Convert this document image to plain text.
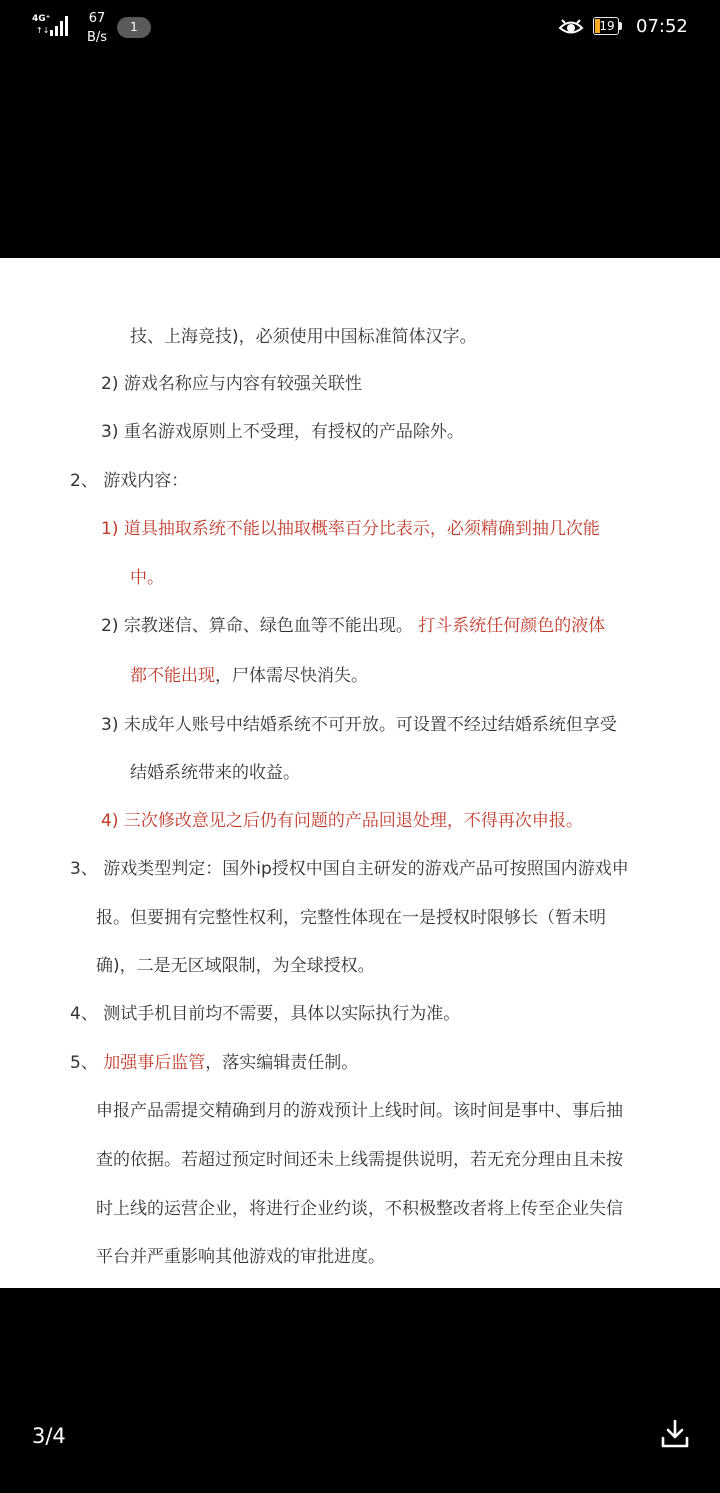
4G⁺
↑↓
67
B/s
1	19 07:52
技、上海竞技)，必须使用中国标准简体汉字。
2) 游戏名称应与内容有较强关联性
3) 重名游戏原则上不受理，有授权的产品除外。
2、 游戏内容：
1) 道具抽取系统不能以抽取概率百分比表示，必须精确到抽几次能
中。
2) 宗教迷信、算命、绿色血等不能出现。 打斗系统任何颜色的液体
都不能出现，尸体需尽快消失。
3) 未成年人账号中结婚系统不可开放。可设置不经过结婚系统但享受
结婚系统带来的收益。
4) 三次修改意见之后仍有问题的产品回退处理，不得再次申报。
3、 游戏类型判定：国外ip授权中国自主研发的游戏产品可按照国内游戏申
报。但要拥有完整性权利，完整性体现在一是授权时限够长（暂未明
确)，二是无区域限制，为全球授权。
4、 测试手机目前均不需要，具体以实际执行为准。
5、 加强事后监管，落实编辑责任制。
申报产品需提交精确到月的游戏预计上线时间。该时间是事中、事后抽
查的依据。若超过预定时间还未上线需提供说明，若无充分理由且未按
时上线的运营企业，将进行企业约谈，不积极整改者将上传至企业失信
平台并严重影响其他游戏的审批进度。
3/4
